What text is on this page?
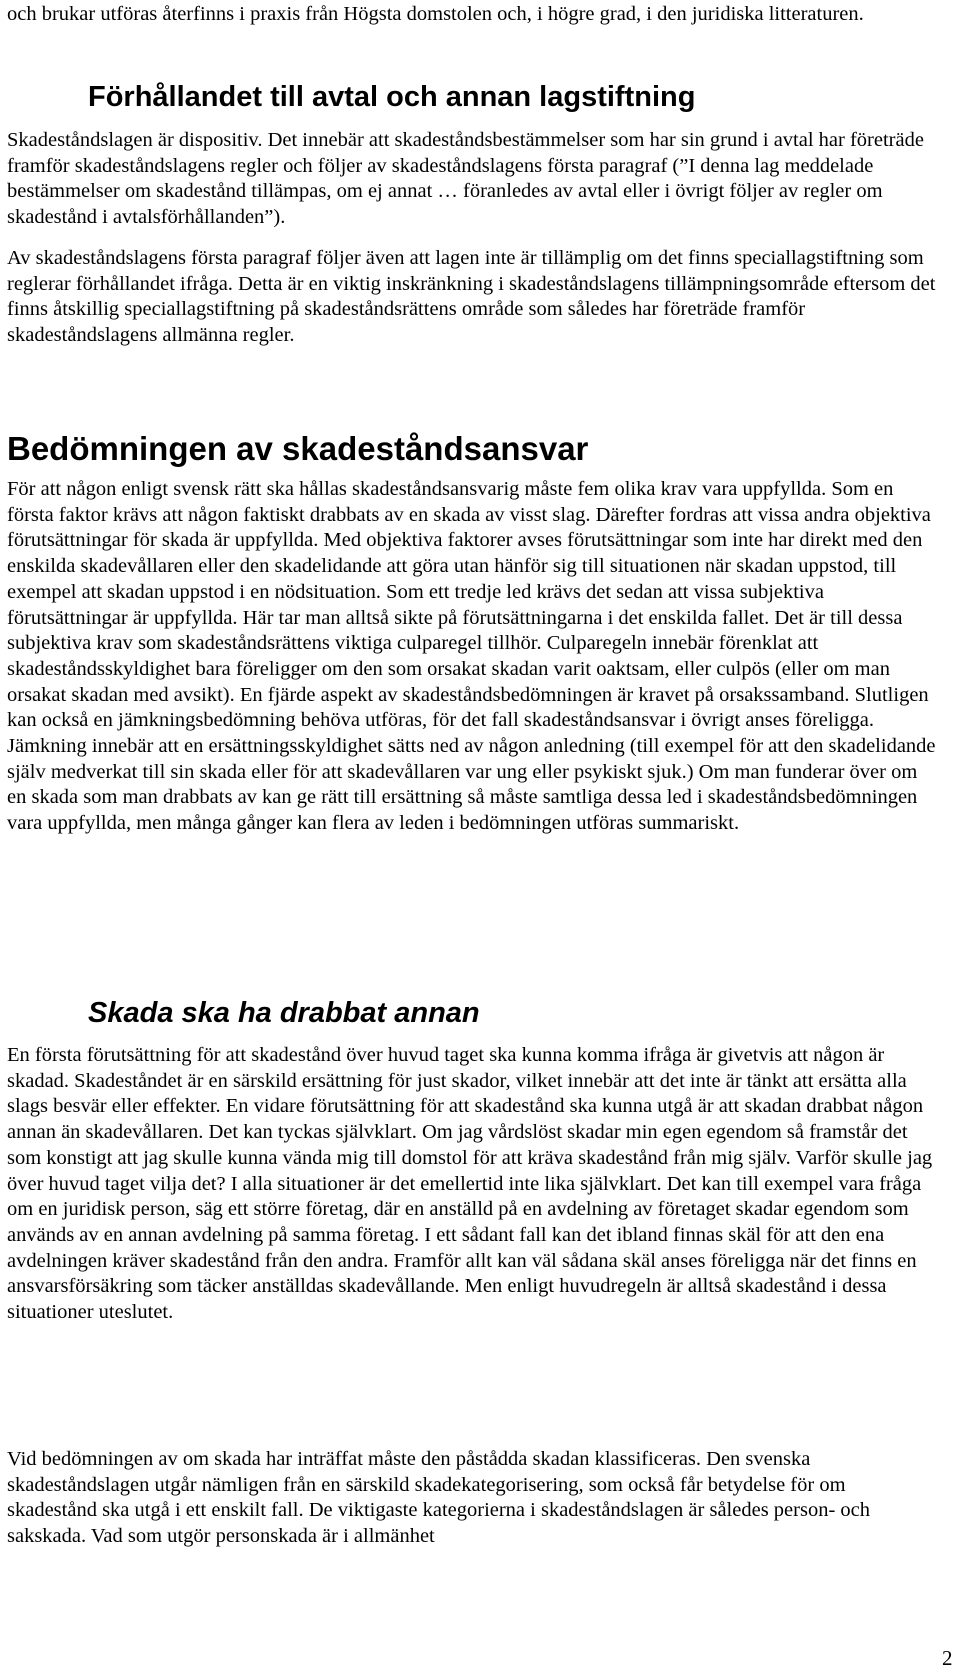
och brukar utföras återfinns i praxis från Högsta domstolen och, i högre grad, i den juridiska litteraturen.

Förhållandet till avtal och annan lagstiftning

Skadeståndslagen är dispositiv. Det innebär att skadeståndsbestämmelser som har sin grund i avtal har företräde framför skadeståndslagens regler och följer av skadeståndslagens första paragraf (”I denna lag meddelade bestämmelser om skadestånd tillämpas, om ej annat … föranledes av avtal eller i övrigt följer av regler om skadestånd i avtalsförhållanden”).

Av skadeståndslagens första paragraf följer även att lagen inte är tillämplig om det finns speciallagstiftning som reglerar förhållandet ifråga. Detta är en viktig inskränkning i skadeståndslagens tillämpningsområde eftersom det finns åtskillig speciallagstiftning på skadeståndsrättens område som således har företräde framför skadeståndslagens allmänna regler.

Bedömningen av skadeståndsansvar

För att någon enligt svensk rätt ska hållas skadeståndsansvarig måste fem olika krav vara uppfyllda. Som en första faktor krävs att någon faktiskt drabbats av en skada av visst slag. Därefter fordras att vissa andra objektiva förutsättningar för skada är uppfyllda. Med objektiva faktorer avses förutsättningar som inte har direkt med den enskilda skadevållaren eller den skadelidande att göra utan hänför sig till situationen när skadan uppstod, till exempel att skadan uppstod i en nödsituation. Som ett tredje led krävs det sedan att vissa subjektiva förutsättningar är uppfyllda. Här tar man alltså sikte på förutsättningarna i det enskilda fallet. Det är till dessa subjektiva krav som skadeståndsrättens viktiga culparegel tillhör. Culparegeln innebär förenklat att skadeståndsskyldighet bara föreligger om den som orsakat skadan varit oaktsam, eller culpös (eller om man orsakat skadan med avsikt). En fjärde aspekt av skadeståndsbedömningen är kravet på orsakssamband. Slutligen kan också en jämkningsbedömning behöva utföras, för det fall skadeståndsansvar i övrigt anses föreligga. Jämkning innebär att en ersättningsskyldighet sätts ned av någon anledning (till exempel för att den skadelidande själv medverkat till sin skada eller för att skadevållaren var ung eller psykiskt sjuk.) Om man funderar över om en skada som man drabbats av kan ge rätt till ersättning så måste samtliga dessa led i skadeståndsbedömningen vara uppfyllda, men många gånger kan flera av leden i bedömningen utföras summariskt.

Skada ska ha drabbat annan

En första förutsättning för att skadestånd över huvud taget ska kunna komma ifråga är givetvis att någon är skadad. Skadeståndet är en särskild ersättning för just skador, vilket innebär att det inte är tänkt att ersätta alla slags besvär eller effekter. En vidare förutsättning för att skadestånd ska kunna utgå är att skadan drabbat någon annan än skadevållaren. Det kan tyckas självklart. Om jag vårdslöst skadar min egen egendom så framstår det som konstigt att jag skulle kunna vända mig till domstol för att kräva skadestånd från mig själv. Varför skulle jag över huvud taget vilja det? I alla situationer är det emellertid inte lika självklart. Det kan till exempel vara fråga om en juridisk person, säg ett större företag, där en anställd på en avdelning av företaget skadar egendom som används av en annan avdelning på samma företag. I ett sådant fall kan det ibland finnas skäl för att den ena avdelningen kräver skadestånd från den andra. Framför allt kan väl sådana skäl anses föreligga när det finns en ansvarsförsäkring som täcker anställdas skadevållande. Men enligt huvudregeln är alltså skadestånd i dessa situationer uteslutet.

Vid bedömningen av om skada har inträffat måste den påstådda skadan klassificeras. Den svenska skadeståndslagen utgår nämligen från en särskild skadekategorisering, som också får betydelse för om skadestånd ska utgå i ett enskilt fall. De viktigaste kategorierna i skadeståndslagen är således person- och sakskada. Vad som utgör personskada är i allmänhet

2
